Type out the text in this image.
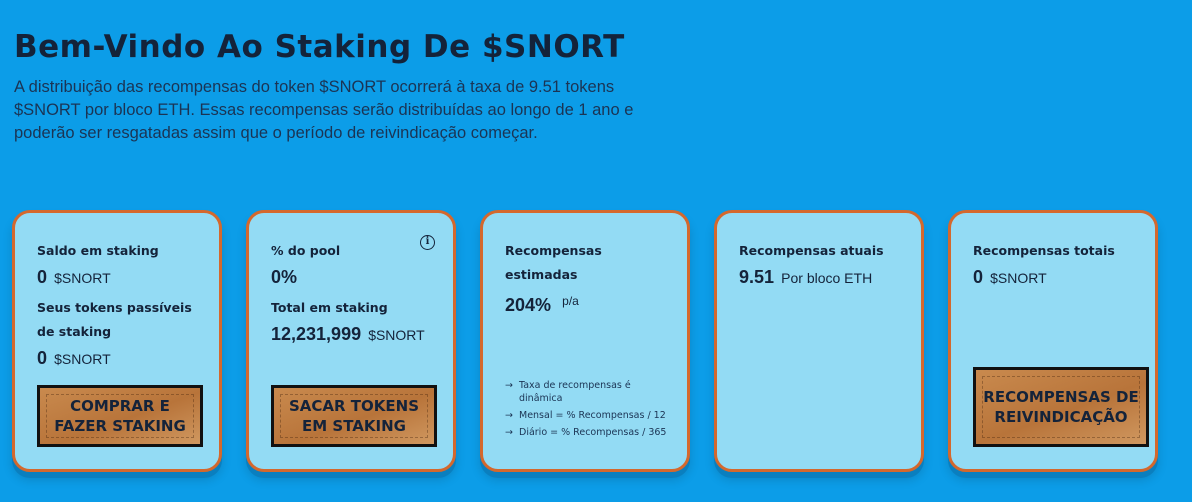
Bem-Vindo Ao Staking De $SNORT

A distribuição das recompensas do token $SNORT ocorrerá à taxa de 9.51 tokens $SNORT por bloco ETH. Essas recompensas serão distribuídas ao longo de 1 ano e poderão ser resgatadas assim que o período de reivindicação começar.

Saldo em staking

0 $SNORT

Seus tokens passíveis de staking

0 $SNORT
COMPRAR E FAZER STAKING
i

% do pool

0%

Total em staking

12,231,999 $SNORT
SACAR TOKENS EM STAKING

Recompensas estimadas

204% $^{p/a}$
→ Taxa de recompensas é dinâmica
→ Mensal = % Recompensas / 12
→ Diário = % Recompensas / 365

Recompensas atuais

9.51 Por bloco ETH

Recompensas totais

0 $SNORT
RECOMPENSAS DE REIVINDICAÇÃO
